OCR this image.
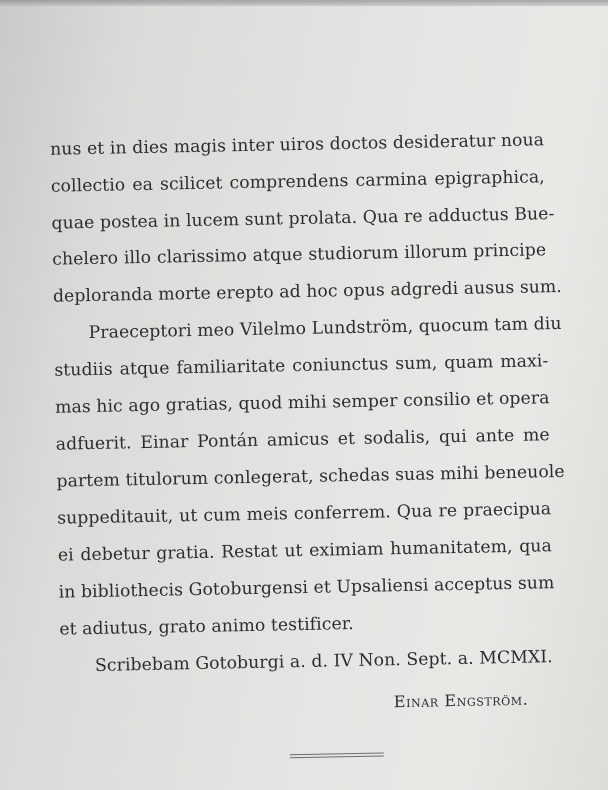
nus et in dies magis inter uiros doctos desideratur noua
collectio ea scilicet comprendens carmina epigraphica,
quae postea in lucem sunt prolata. Qua re adductus Bue-
chelero illo clarissimo atque studiorum illorum principe
deploranda morte erepto ad hoc opus adgredi ausus sum.
Praeceptori meo Vilelmo Lundström, quocum tam diu
studiis atque familiaritate coniunctus sum, quam maxi-
mas hic ago gratias, quod mihi semper consilio et opera
adfuerit. Einar Pontán amicus et sodalis, qui ante me
partem titulorum conlegerat, schedas suas mihi beneuole
suppeditauit, ut cum meis conferrem. Qua re praecipua
ei debetur gratia. Restat ut eximiam humanitatem, qua
in bibliothecis Gotoburgensi et Upsaliensi acceptus sum
et adiutus, grato animo testificer.
Scribebam Gotoburgi a. d. IV Non. Sept. a. MCMXI.
Einar Engström.
